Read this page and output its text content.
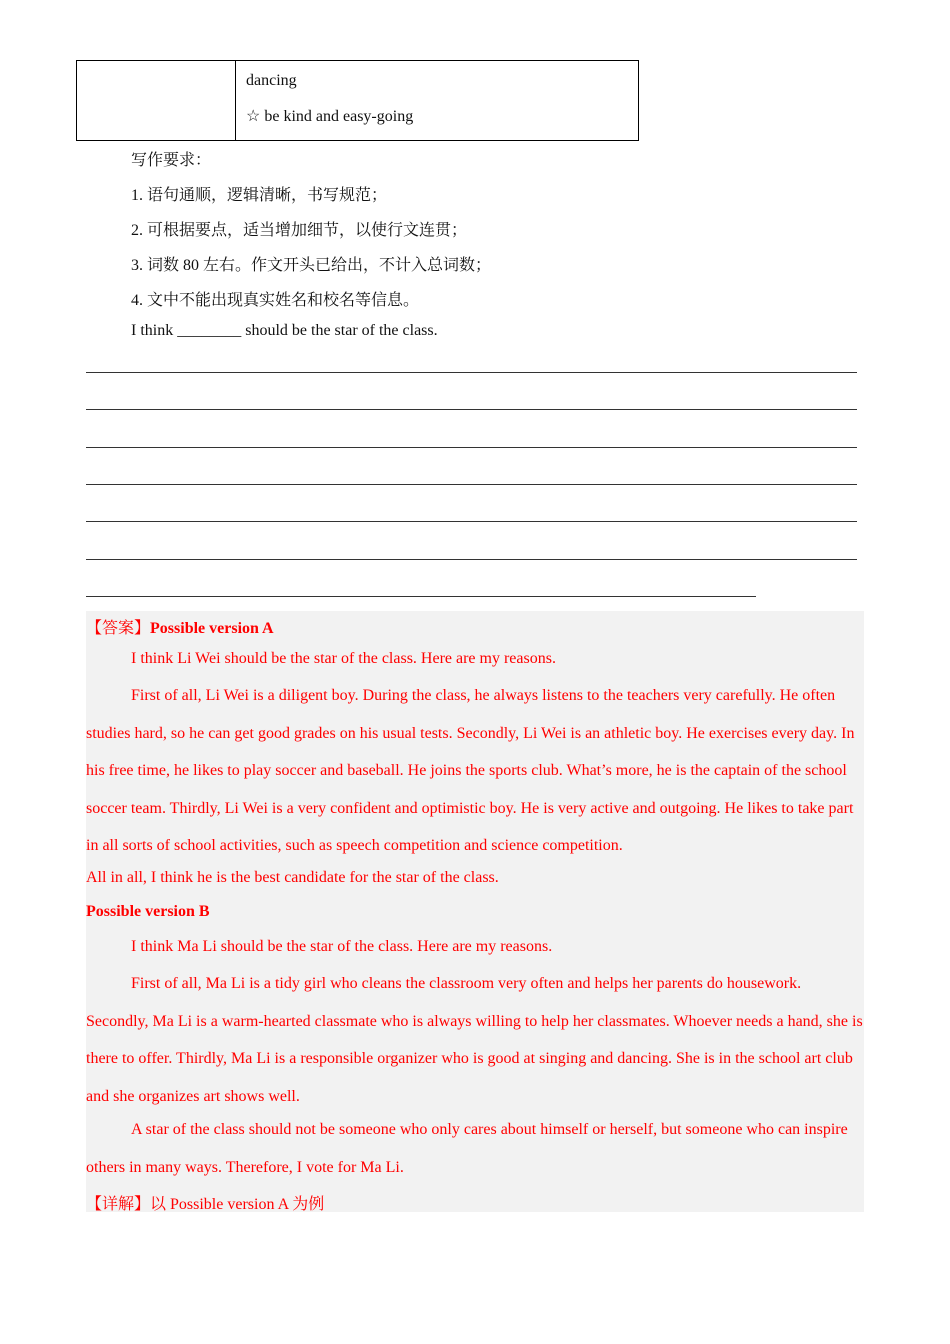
dancing
☆ be kind and easy-going
写作要求：
1. 语句通顺，逻辑清晰，书写规范；
2. 可根据要点，适当增加细节，以使行文连贯；
3. 词数 80 左右。作文开头已给出，不计入总词数；
4. 文中不能出现真实姓名和校名等信息。
I think ________ should be the star of the class.
【答案】Possible version A
I think Li Wei should be the star of the class. Here are my reasons.
First of all, Li Wei is a diligent boy. During the class, he always listens to the teachers very carefully. He often studies hard, so he can get good grades on his usual tests. Secondly, Li Wei is an athletic boy. He exercises every day. In his free time, he likes to play soccer and baseball. He joins the sports club. What’s more, he is the captain of the school soccer team. Thirdly, Li Wei is a very confident and optimistic boy. He is very active and outgoing. He likes to take part in all sorts of school activities, such as speech competition and science competition.
All in all, I think he is the best candidate for the star of the class.
Possible version B
I think Ma Li should be the star of the class. Here are my reasons.
First of all, Ma Li is a tidy girl who cleans the classroom very often and helps her parents do housework. Secondly, Ma Li is a warm-hearted classmate who is always willing to help her classmates. Whoever needs a hand, she is there to offer. Thirdly, Ma Li is a responsible organizer who is good at singing and dancing. She is in the school art club and she organizes art shows well.
A star of the class should not be someone who only cares about himself or herself, but someone who can inspire others in many ways. Therefore, I vote for Ma Li.
【详解】以 Possible version A 为例
